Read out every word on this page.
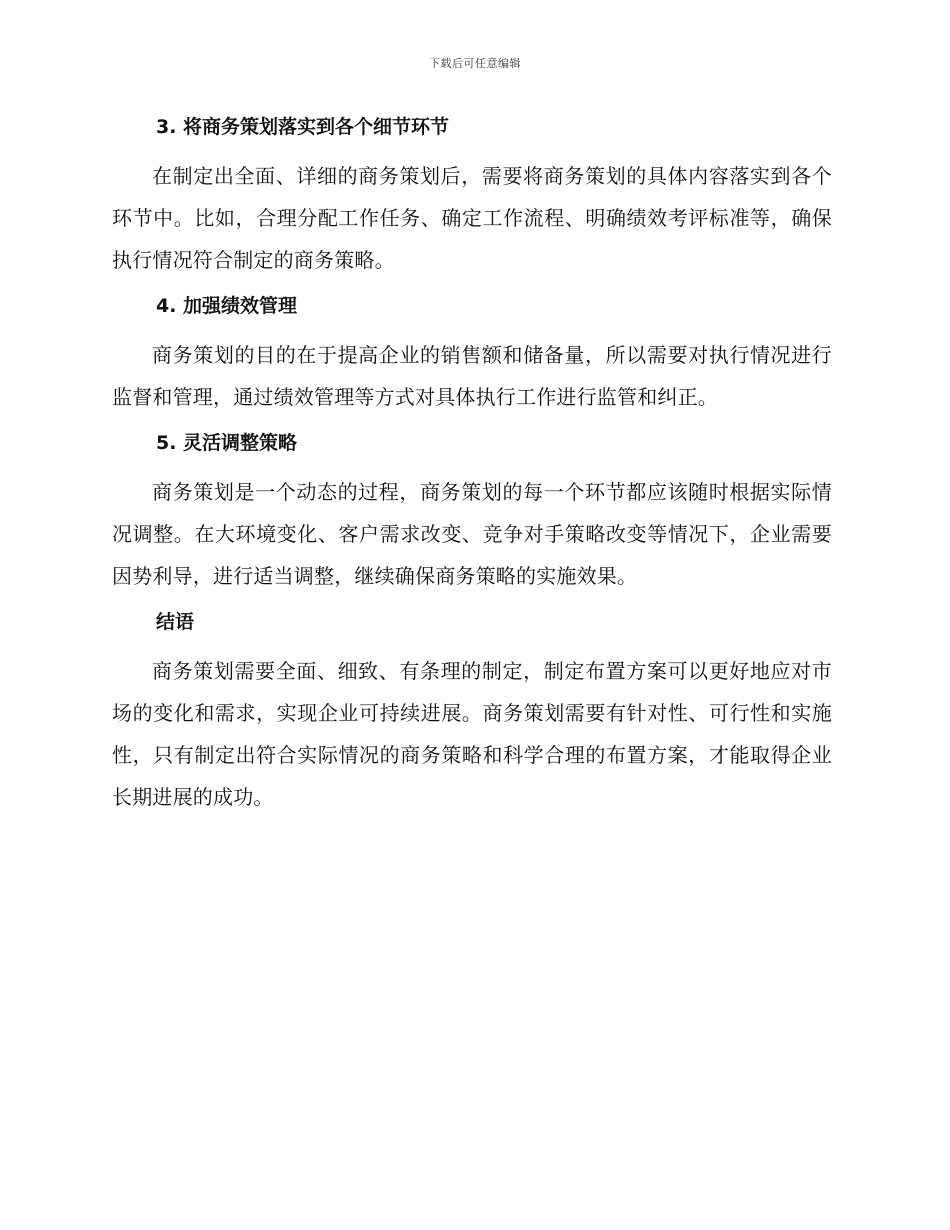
下载后可任意编辑

3. 将商务策划落实到各个细节环节

在制定出全面、详细的商务策划后，需要将商务策划的具体内容落实到各个环节中。比如，合理分配工作任务、确定工作流程、明确绩效考评标准等，确保执行情况符合制定的商务策略。

4. 加强绩效管理

商务策划的目的在于提高企业的销售额和储备量，所以需要对执行情况进行监督和管理，通过绩效管理等方式对具体执行工作进行监管和纠正。

5. 灵活调整策略

商务策划是一个动态的过程，商务策划的每一个环节都应该随时根据实际情况调整。在大环境变化、客户需求改变、竞争对手策略改变等情况下，企业需要因势利导，进行适当调整，继续确保商务策略的实施效果。

结语

商务策划需要全面、细致、有条理的制定，制定布置方案可以更好地应对市场的变化和需求，实现企业可持续进展。商务策划需要有针对性、可行性和实施性，只有制定出符合实际情况的商务策略和科学合理的布置方案，才能取得企业长期进展的成功。
